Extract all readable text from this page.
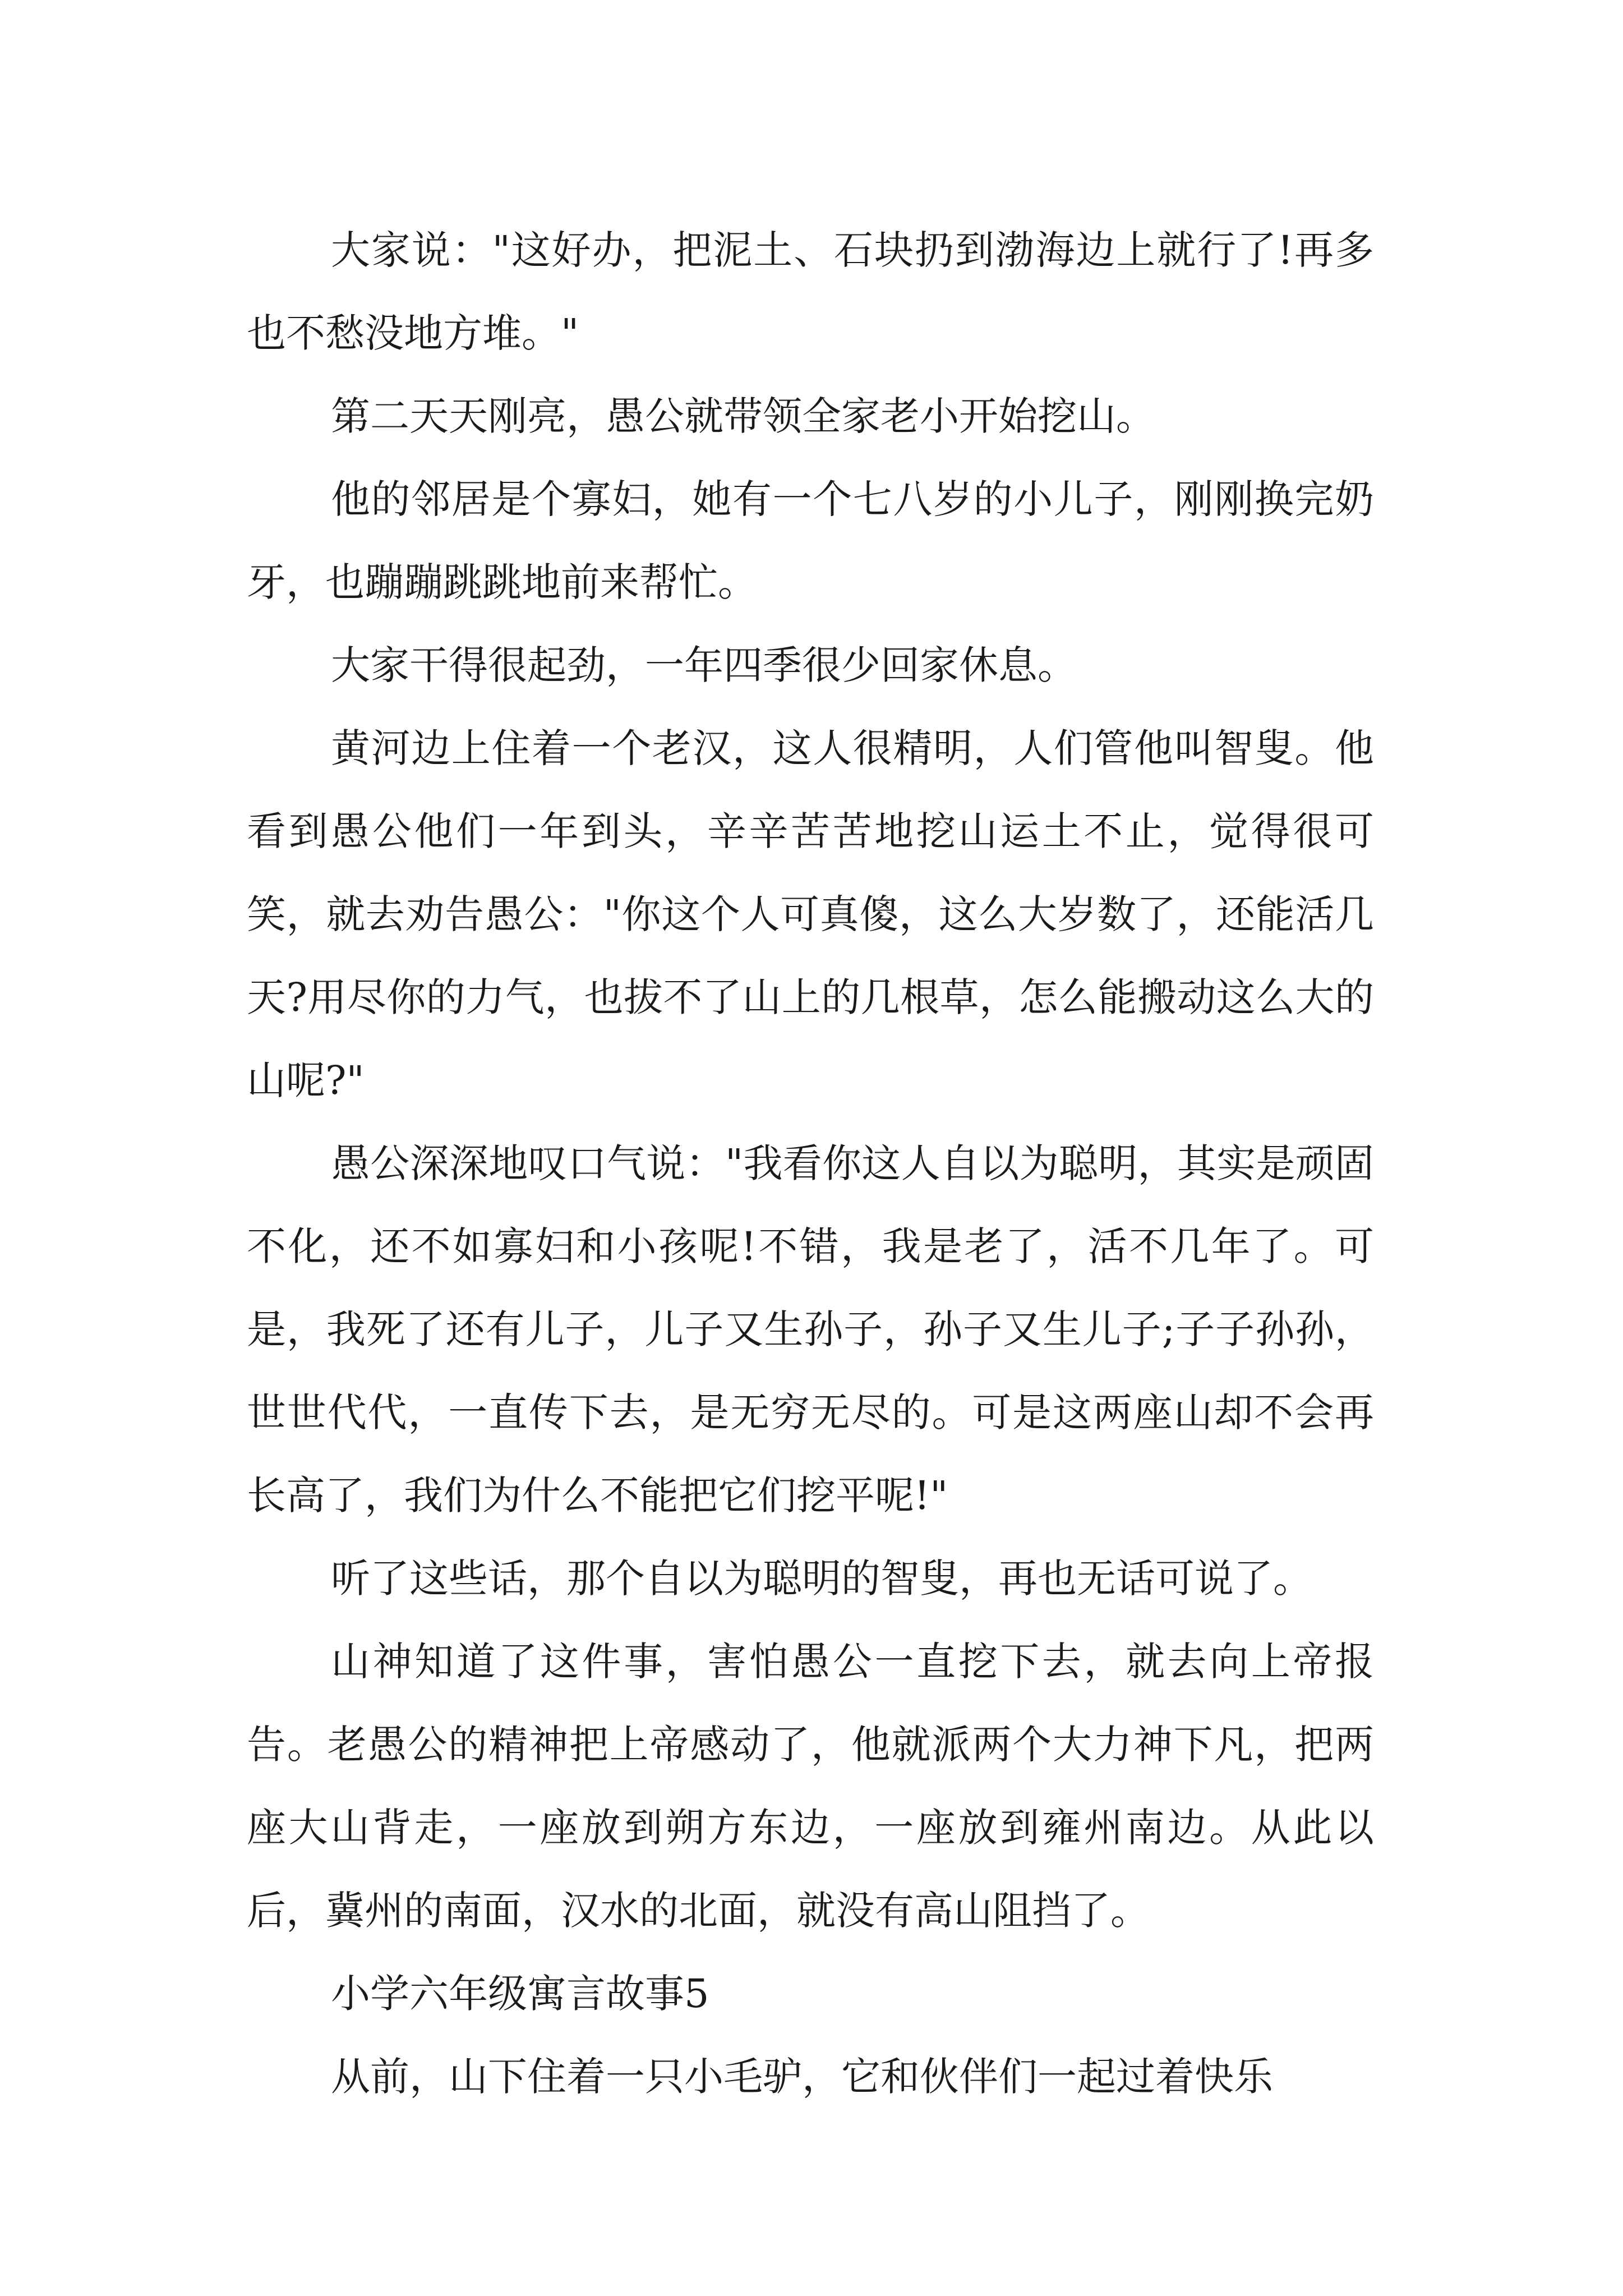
大家说："这好办，把泥土、石块扔到渤海边上就行了!再多也不愁没地方堆。"

第二天天刚亮，愚公就带领全家老小开始挖山。

他的邻居是个寡妇，她有一个七八岁的小儿子，刚刚换完奶牙，也蹦蹦跳跳地前来帮忙。

大家干得很起劲，一年四季很少回家休息。

黄河边上住着一个老汉，这人很精明，人们管他叫智叟。他看到愚公他们一年到头，辛辛苦苦地挖山运土不止，觉得很可笑，就去劝告愚公："你这个人可真傻，这么大岁数了，还能活几天?用尽你的力气，也拔不了山上的几根草，怎么能搬动这么大的山呢?"

愚公深深地叹口气说："我看你这人自以为聪明，其实是顽固不化，还不如寡妇和小孩呢!不错，我是老了，活不几年了。可是，我死了还有儿子，儿子又生孙子，孙子又生儿子;子子孙孙，世世代代，一直传下去，是无穷无尽的。可是这两座山却不会再长高了，我们为什么不能把它们挖平呢!"

听了这些话，那个自以为聪明的智叟，再也无话可说了。

山神知道了这件事，害怕愚公一直挖下去，就去向上帝报告。老愚公的精神把上帝感动了，他就派两个大力神下凡，把两座大山背走，一座放到朔方东边，一座放到雍州南边。从此以后，冀州的南面，汉水的北面，就没有高山阻挡了。

小学六年级寓言故事5

从前，山下住着一只小毛驴，它和伙伴们一起过着快乐
